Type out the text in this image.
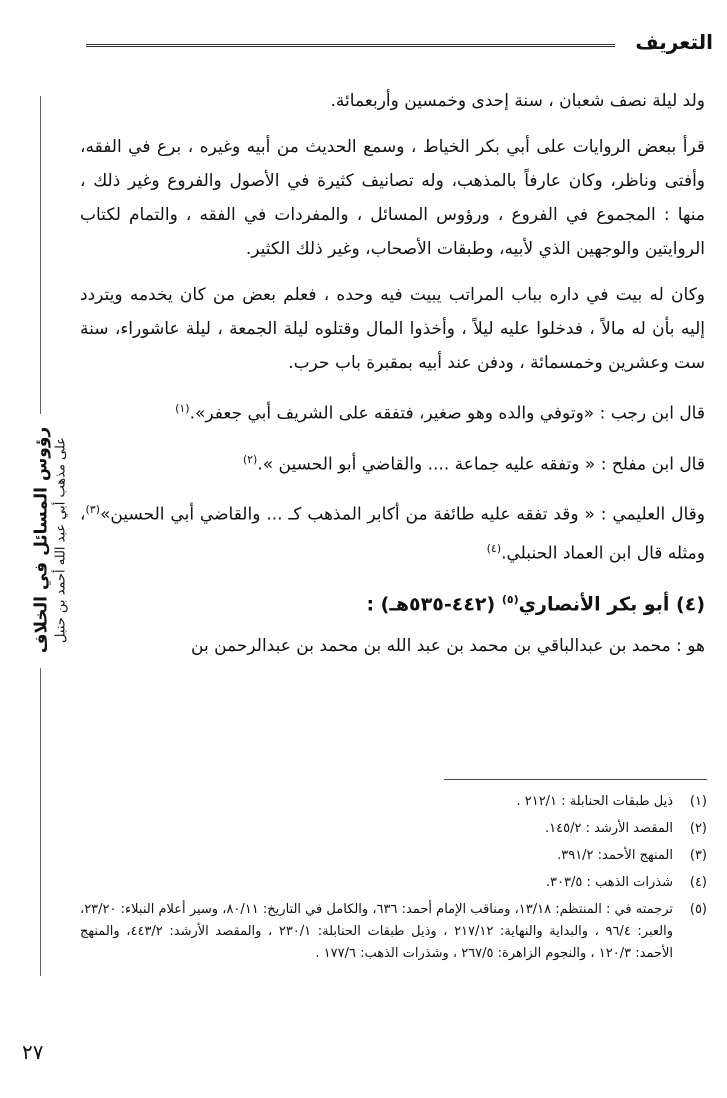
التعريف
رؤوس المسائل في الخلاف على مذهب أبي عبد الله أحمد بن حنبل

ولد ليلة نصف شعبان ، سنة إحدى وخمسين وأربعمائة.

قرأ ببعض الروايات على أبي بكر الخياط ، وسمع الحديث من أبيه وغيره ، برع في الفقه، وأفتى وناظر، وكان عارفاً بالمذهب، وله تصانيف كثيرة في الأصول والفروع وغير ذلك ، منها : المجموع في الفروع ، ورؤوس المسائل ، والمفردات في الفقه ، والتمام لكتاب الروايتين والوجهين الذي لأبيه، وطبقات الأصحاب، وغير ذلك الكثير.

وكان له بيت في داره بباب المراتب يبيت فيه وحده ، فعلم بعض من كان يخدمه ويتردد إليه بأن له مالاً ، فدخلوا عليه ليلاً ، وأخذوا المال وقتلوه ليلة الجمعة ، ليلة عاشوراء، سنة ست وعشرين وخمسمائة ، ودفن عند أبيه بمقبرة باب حرب.

قال ابن رجب : «وتوفي والده وهو صغير، فتفقه على الشريف أبي جعفر».$^{(١)}$

قال ابن مفلح : « وتفقه عليه جماعة .... والقاضي أبو الحسين ».$^{(٢)}$

وقال العليمي : « وقد تفقه عليه طائفة من أكابر المذهب كـ ... والقاضي أبي الحسين»$^{(٣)}$، ومثله قال ابن العماد الحنبلي.$^{(٤)}$

(٤) أبو بكر الأنصاري$^{(٥)}$ (٤٤٢-٥٣٥هـ) :

هو : محمد بن عبدالباقي بن محمد بن عبد الله بن محمد بن عبدالرحمن بن

(١)
ذيل طبقات الحنابلة : ٢١٢/١ .
(٢)
المقصد الأرشد : ١٤٥/٢.
(٣)
المنهج الأحمد: ٣٩١/٢.
(٤)
شذرات الذهب : ٣٠٣/٥.
(٥)
ترجمته في : المنتظم: ١٣/١٨، ومناقب الإمام أحمد: ٦٣٦، والكامل في التاريخ: ٨٠/١١، وسير أعلام النبلاء: ٢٣/٢٠، والعبر: ٩٦/٤ ، والبداية والنهاية: ٢١٧/١٢ ، وذيل طبقات الحنابلة: ٢٣٠/١ ، والمقصد الأرشد: ٤٤٣/٢، والمنهج الأحمد: ١٢٠/٣ ، والنجوم الزاهرة: ٢٦٧/٥ ، وشذرات الذهب: ١٧٧/٦ .
٢٧
